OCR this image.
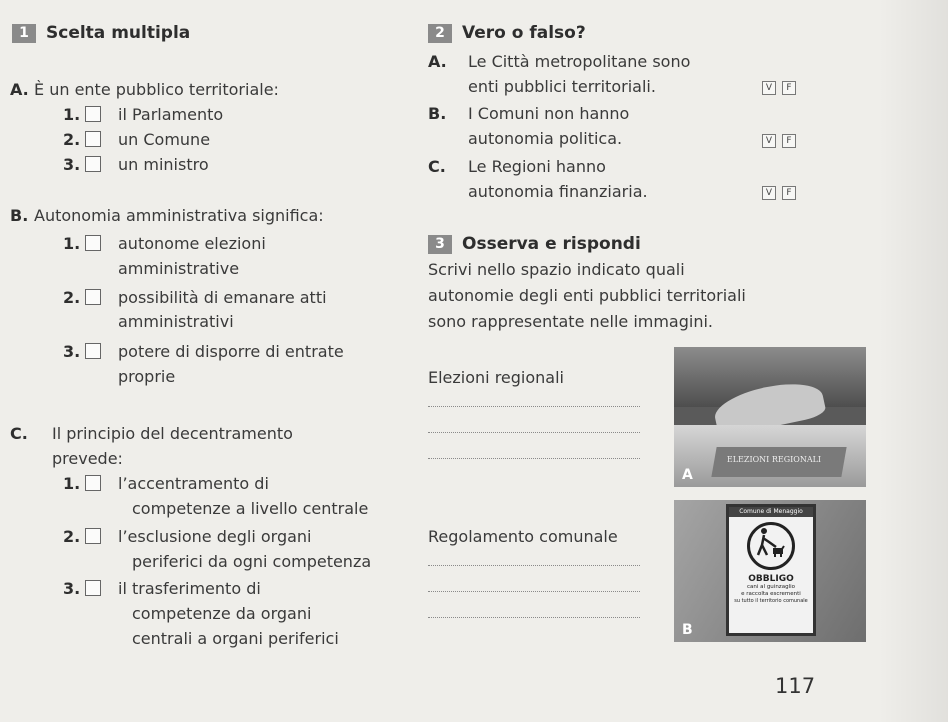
1 Scelta multipla
A. È un ente pubblico territoriale:
1. il Parlamento
2. un Comune
3. un ministro
B. Autonomia amministrativa significa:
1. autonome elezioni
amministrative
2. possibilità di emanare atti
amministrativi
3. potere di disporre di entrate
proprie
C. Il principio del decentramento
prevede:
1. l’accentramento di
competenze a livello centrale
2. l’esclusione degli organi
periferici da ogni competenza
3. il trasferimento di
competenze da organi
centrali a organi periferici
2 Vero o falso?
A. Le Città metropolitane sono
enti pubblici territoriali.	V	F
B. I Comuni non hanno
autonomia politica.	V	F
C. Le Regioni hanno
autonomia finanziaria.	V	F
3 Osserva e rispondi
Scrivi nello spazio indicato quali
autonomie degli enti pubblici territoriali
sono rappresentate nelle immagini.
Elezioni regionali
Regolamento comunale
ELEZIONI REGIONALI
A
Comune di Menaggio
OBBLIGO
cani al guinzaglio
e raccolta escrementi
su tutto il territorio comunale
B
117
